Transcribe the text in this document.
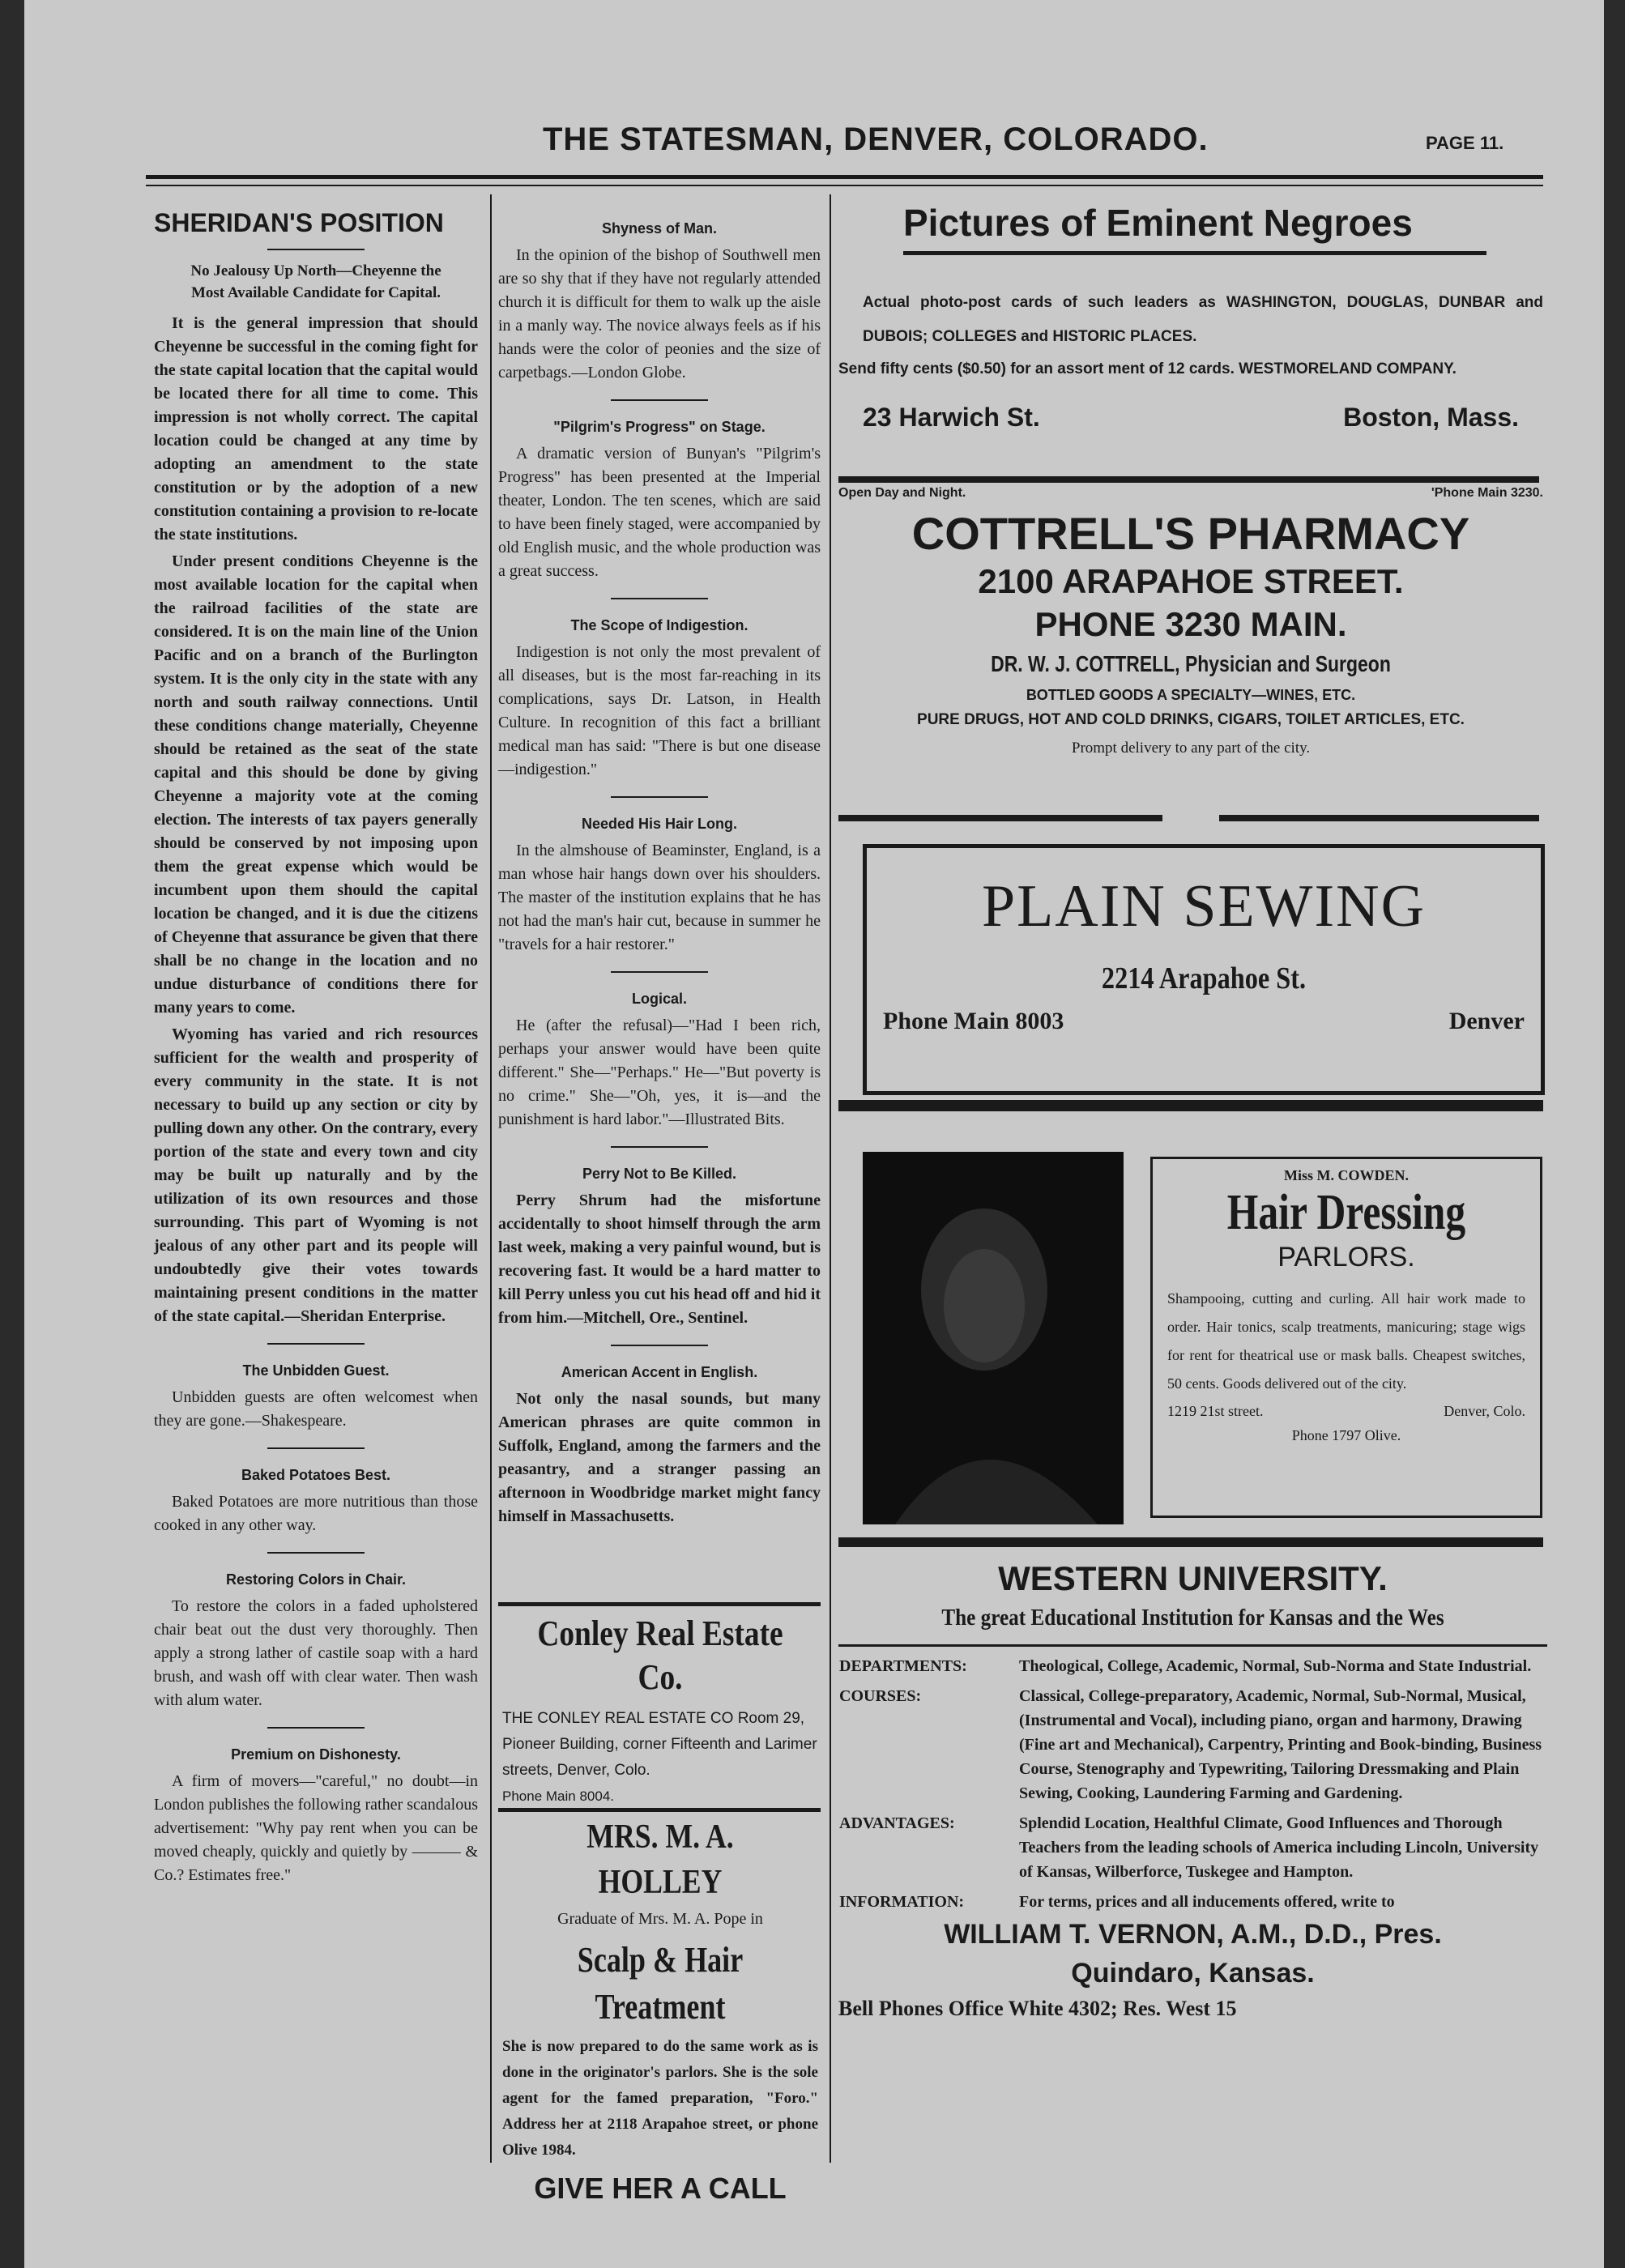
THE STATESMAN, DENVER, COLORADO.	PAGE 11.
SHERIDAN'S POSITION
No Jealousy Up North—Cheyenne the Most Available Candidate for Capital.

It is the general impression that should Cheyenne be successful in the coming fight for the state capital location that the capital would be located there for all time to come. This impression is not wholly correct. The capital location could be changed at any time by adopting an amendment to the state constitution or by the adoption of a new constitution containing a provision to re-locate the state institutions.

Under present conditions Cheyenne is the most available location for the capital when the railroad facilities of the state are considered. It is on the main line of the Union Pacific and on a branch of the Burlington system. It is the only city in the state with any north and south railway connections. Until these conditions change materially, Cheyenne should be retained as the seat of the state capital and this should be done by giving Cheyenne a majority vote at the coming election. The interests of tax payers generally should be conserved by not imposing upon them the great expense which would be incumbent upon them should the capital location be changed, and it is due the citizens of Cheyenne that assurance be given that there shall be no change in the location and no undue disturbance of conditions there for many years to come.

Wyoming has varied and rich resources sufficient for the wealth and prosperity of every community in the state. It is not necessary to build up any section or city by pulling down any other. On the contrary, every portion of the state and every town and city may be built up naturally and by the utilization of its own resources and those surrounding. This part of Wyoming is not jealous of any other part and its people will undoubtedly give their votes towards maintaining present conditions in the matter of the state capital.—Sheridan Enterprise.

The Unbidden Guest.

Unbidden guests are often welcomest when they are gone.—Shakespeare.

Baked Potatoes Best.

Baked Potatoes are more nutritious than those cooked in any other way.

Restoring Colors in Chair.

To restore the colors in a faded upholstered chair beat out the dust very thoroughly. Then apply a strong lather of castile soap with a hard brush, and wash off with clear water. Then wash with alum water.

Premium on Dishonesty.

A firm of movers—"careful," no doubt—in London publishes the following rather scandalous advertisement: "Why pay rent when you can be moved cheaply, quickly and quietly by ——— & Co.? Estimates free."

Shyness of Man.

In the opinion of the bishop of Southwell men are so shy that if they have not regularly attended church it is difficult for them to walk up the aisle in a manly way. The novice always feels as if his hands were the color of peonies and the size of carpetbags.—London Globe.

"Pilgrim's Progress" on Stage.

A dramatic version of Bunyan's "Pilgrim's Progress" has been presented at the Imperial theater, London. The ten scenes, which are said to have been finely staged, were accompanied by old English music, and the whole production was a great success.

The Scope of Indigestion.

Indigestion is not only the most prevalent of all diseases, but is the most far-reaching in its complications, says Dr. Latson, in Health Culture. In recognition of this fact a brilliant medical man has said: "There is but one disease—indigestion."

Needed His Hair Long.

In the almshouse of Beaminster, England, is a man whose hair hangs down over his shoulders. The master of the institution explains that he has not had the man's hair cut, because in summer he "travels for a hair restorer."

Logical.

He (after the refusal)—"Had I been rich, perhaps your answer would have been quite different." She—"Perhaps." He—"But poverty is no crime." She—"Oh, yes, it is—and the punishment is hard labor."—Illustrated Bits.

Perry Not to Be Killed.

Perry Shrum had the misfortune accidentally to shoot himself through the arm last week, making a very painful wound, but is recovering fast. It would be a hard matter to kill Perry unless you cut his head off and hid it from him.—Mitchell, Ore., Sentinel.

American Accent in English.

Not only the nasal sounds, but many American phrases are quite common in Suffolk, England, among the farmers and the peasantry, and a stranger passing an afternoon in Woodbridge market might fancy himself in Massachusetts.

Conley Real Estate Co.
THE CONLEY REAL ESTATE CO Room 29, Pioneer Building, corner Fifteenth and Larimer streets, Denver, Colo.
Phone Main 8004.
MRS. M. A. HOLLEY
Graduate of Mrs. M. A. Pope in
Scalp & Hair Treatment
She is now prepared to do the same work as is done in the originator's parlors. She is the sole agent for the famed preparation, "Foro." Address her at 2118 Arapahoe street, or phone Olive 1984.
GIVE HER A CALL
Pictures of Eminent Negroes
Actual photo-post cards of such leaders as WASHINGTON, DOUGLAS, DUNBAR and DUBOIS; COLLEGES and HISTORIC PLACES.
Send fifty cents ($0.50) for an assort ment of 12 cards. WESTMORELAND COMPANY.
23 Harwich St.	Boston, Mass.
Open Day and Night.	'Phone Main 3230.
COTTRELL'S PHARMACY
2100 ARAPAHOE STREET.
PHONE 3230 MAIN.
DR. W. J. COTTRELL, Physician and Surgeon
BOTTLED GOODS A SPECIALTY—WINES, ETC.
PURE DRUGS, HOT AND COLD DRINKS, CIGARS, TOILET ARTICLES, ETC.
Prompt delivery to any part of the city.
PLAIN SEWING
2214 Arapahoe St.
Phone Main 8003	Denver
Miss M. COWDEN.
Hair Dressing
PARLORS.
Shampooing, cutting and curling. All hair work made to order. Hair tonics, scalp treatments, manicuring; stage wigs for rent for theatrical use or mask balls. Cheapest switches, 50 cents. Goods delivered out of the city.
1219 21st street.	Denver, Colo.
Phone 1797 Olive.
WESTERN UNIVERSITY.
The great Educational Institution for Kansas and the Wes
DEPARTMENTS:	Theological, College, Academic, Normal, Sub-Norma and State Industrial.
COURSES:	Classical, College-preparatory, Academic, Normal, Sub-Normal, Musical, (Instrumental and Vocal), including piano, organ and harmony, Drawing (Fine art and Mechanical), Carpentry, Printing and Book-binding, Business Course, Stenography and Typewriting, Tailoring Dressmaking and Plain Sewing, Cooking, Laundering Farming and Gardening.
ADVANTAGES:	Splendid Location, Healthful Climate, Good Influences and Thorough Teachers from the leading schools of America including Lincoln, University of Kansas, Wilberforce, Tuskegee and Hampton.
INFORMATION:	For terms, prices and all inducements offered, write to
WILLIAM T. VERNON, A.M., D.D., Pres.
Quindaro, Kansas.
Bell Phones Office White 4302; Res. West 15
